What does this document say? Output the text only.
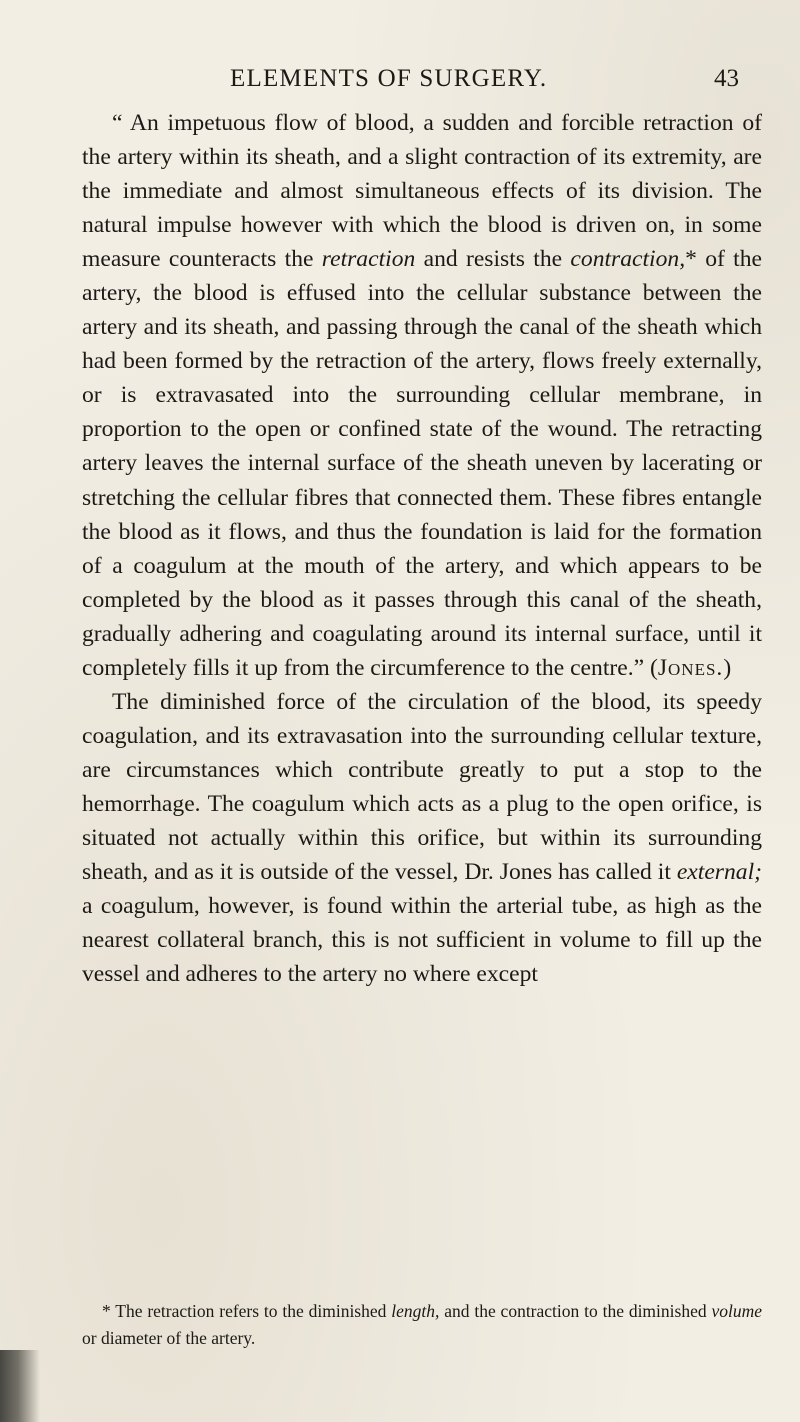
ELEMENTS OF SURGERY.	43

“ An impetuous flow of blood, a sudden and forcible retraction of the artery within its sheath, and a slight contraction of its extremity, are the immediate and almost simultaneous effects of its division. The natural impulse however with which the blood is driven on, in some measure counteracts the retraction and resists the contraction,* of the artery, the blood is effused into the cellular substance between the artery and its sheath, and passing through the canal of the sheath which had been formed by the retraction of the artery, flows freely externally, or is extravasated into the surrounding cellular membrane, in proportion to the open or confined state of the wound. The retracting artery leaves the internal surface of the sheath uneven by lacerating or stretching the cellular fibres that connected them. These fibres entangle the blood as it flows, and thus the foundation is laid for the formation of a coagulum at the mouth of the artery, and which appears to be completed by the blood as it passes through this canal of the sheath, gradually adhering and coagulating around its internal surface, until it completely fills it up from the circumference to the centre.” (Jones.)

The diminished force of the circulation of the blood, its speedy coagulation, and its extravasation into the surrounding cellular texture, are circumstances which contribute greatly to put a stop to the hemorrhage. The coagulum which acts as a plug to the open orifice, is situated not actually within this orifice, but within its surrounding sheath, and as it is outside of the vessel, Dr. Jones has called it external; a coagulum, however, is found within the arterial tube, as high as the nearest collateral branch, this is not sufficient in volume to fill up the vessel and adheres to the artery no where except

* The retraction refers to the diminished length, and the contraction to the diminished volume or diameter of the artery.
